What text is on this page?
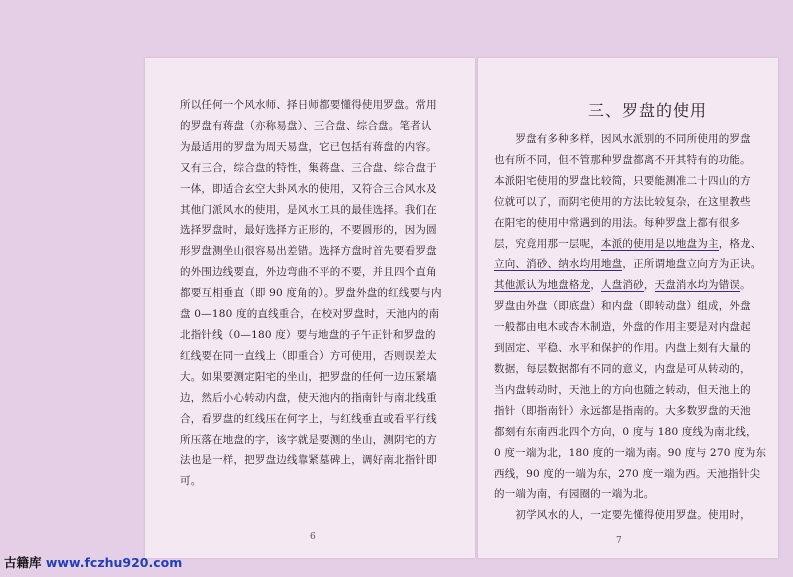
所以任何一个风水师、择日师都要懂得使用罗盘。常用
的罗盘有蒋盘（亦称易盘）、三合盘、综合盘。笔者认
为最适用的罗盘为周天易盘，它已包括有蒋盘的内容。
又有三合，综合盘的特性，集蒋盘、三合盘、综合盘于
一体，即适合玄空大卦风水的使用，又符合三合风水及
其他门派风水的使用，是风水工具的最佳选择。我们在
选择罗盘时，最好选择方正形的，不要圆形的，因为圆
形罗盘测坐山很容易出差错。选择方盘时首先要看罗盘
的外围边线要直，外边弯曲不平的不要，并且四个直角
都要互相垂直（即 90 度角的）。罗盘外盘的红线要与内
盘 0—180 度的直线重合，在校对罗盘时，天池内的南
北指针线（0—180 度）要与地盘的子午正针和罗盘的
红线要在同一直线上（即重合）方可使用，否则误差太
大。如果要测定阳宅的坐山，把罗盘的任何一边压紧墙
边，然后小心转动内盘，使天池内的指南针与南北线重
合，看罗盘的红线压在何字上，与红线垂直或看平行线
所压落在地盘的字，该字就是要测的坐山，测阴宅的方
法也是一样，把罗盘边线靠紧墓碑上，调好南北指针即
可。
6
三、罗盘的使用
　　罗盘有多种多样，因风水派别的不同所使用的罗盘
也有所不同，但不管那种罗盘都离不开其特有的功能。
本派阳宅使用的罗盘比较简，只要能测准二十四山的方
位就可以了，而阴宅使用的方法比较复杂，在这里教些
在阳宅的使用中常遇到的用法。每种罗盘上都有很多
层，究竟用那一层呢，本派的使用是以地盘为主，格龙、
立向、消砂、纳水均用地盘，正所谓地盘立向方为正诀。
其他派认为地盘格龙，人盘消砂，天盘消水均为错误。
罗盘由外盘（即底盘）和内盘（即转动盘）组成，外盘
一般都由电木或杏木制造，外盘的作用主要是对内盘起
到固定、平稳、水平和保护的作用。内盘上刻有大量的
数据，每层数据都有不同的意义，内盘是可从转动的，
当内盘转动时，天池上的方向也随之转动，但天池上的
指针（即指南针）永远都是指南的。大多数罗盘的天池
都刻有东南西北四个方向，0 度与 180 度线为南北线，
0 度一端为北，180 度的一端为南。90 度与 270 度为东
西线，90 度的一端为东，270 度一端为西。天池指针尖
的一端为南，有园圈的一端为北。
　　初学风水的人，一定要先懂得使用罗盘。使用时，
7
古籍库 www.fczhu920.com
